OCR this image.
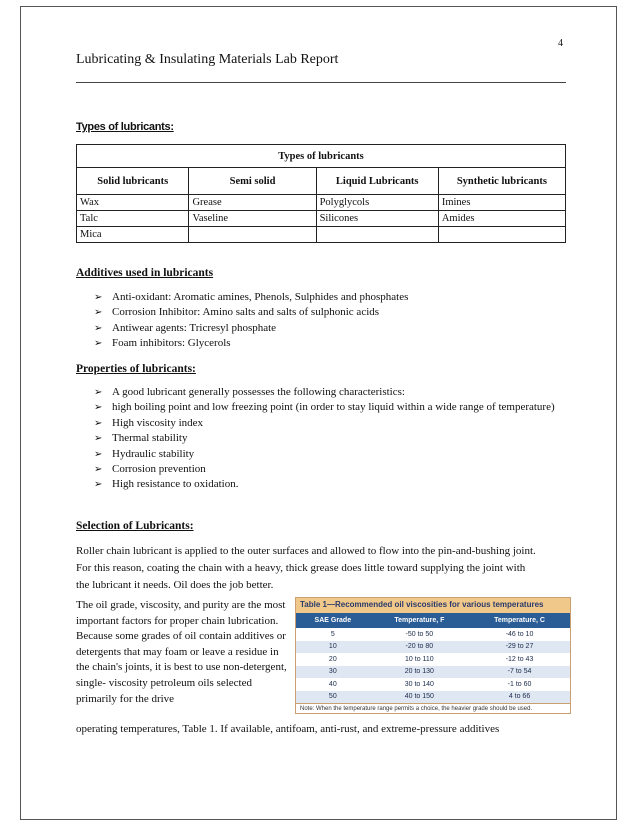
4
Lubricating & Insulating Materials Lab Report
Types of lubricants:
Types of lubricants			
Solid lubricants	Semi solid	Liquid Lubricants	Synthetic lubricants
Wax	Grease	Polyglycols	Imines
Talc	Vaseline	Silicones	Amides
Mica			
Additives used in lubricants
➢ Anti-oxidant: Aromatic amines, Phenols, Sulphides and phosphates
➢ Corrosion Inhibitor: Amino salts and salts of sulphonic acids
➢ Antiwear agents: Tricresyl phosphate
➢ Foam inhibitors: Glycerols
Properties of lubricants:
➢ A good lubricant generally possesses the following characteristics:
➢ high boiling point and low freezing point (in order to stay liquid within a wide range of temperature)
➢ High viscosity index
➢ Thermal stability
➢ Hydraulic stability
➢ Corrosion prevention
➢ High resistance to oxidation.
Selection of Lubricants:
Roller chain lubricant is applied to the outer surfaces and allowed to flow into the pin-and-bushing joint. For this reason, coating the chain with a heavy, thick grease does little toward supplying the joint with the lubricant it needs. Oil does the job better.
The oil grade, viscosity, and purity are the most important factors for proper chain lubrication. Because some grades of oil contain additives or detergents that may foam or leave a residue in the chain's joints, it is best to use non-detergent, single- viscosity petroleum oils selected primarily for the drive
operating temperatures, Table 1. If available, antifoam, anti-rust, and extreme-pressure additives
Table 1—Recommended oil viscosities for various temperatures
SAE Grade	Temperature, F	Temperature, C
5	-50 to 50	-46 to 10
10	-20 to 80	-29 to 27
20	10 to 110	-12 to 43
30	20 to 130	-7 to 54
40	30 to 140	-1 to 60
50	40 to 150	4 to 66
Note: When the temperature range permits a choice, the heavier grade should be used.
